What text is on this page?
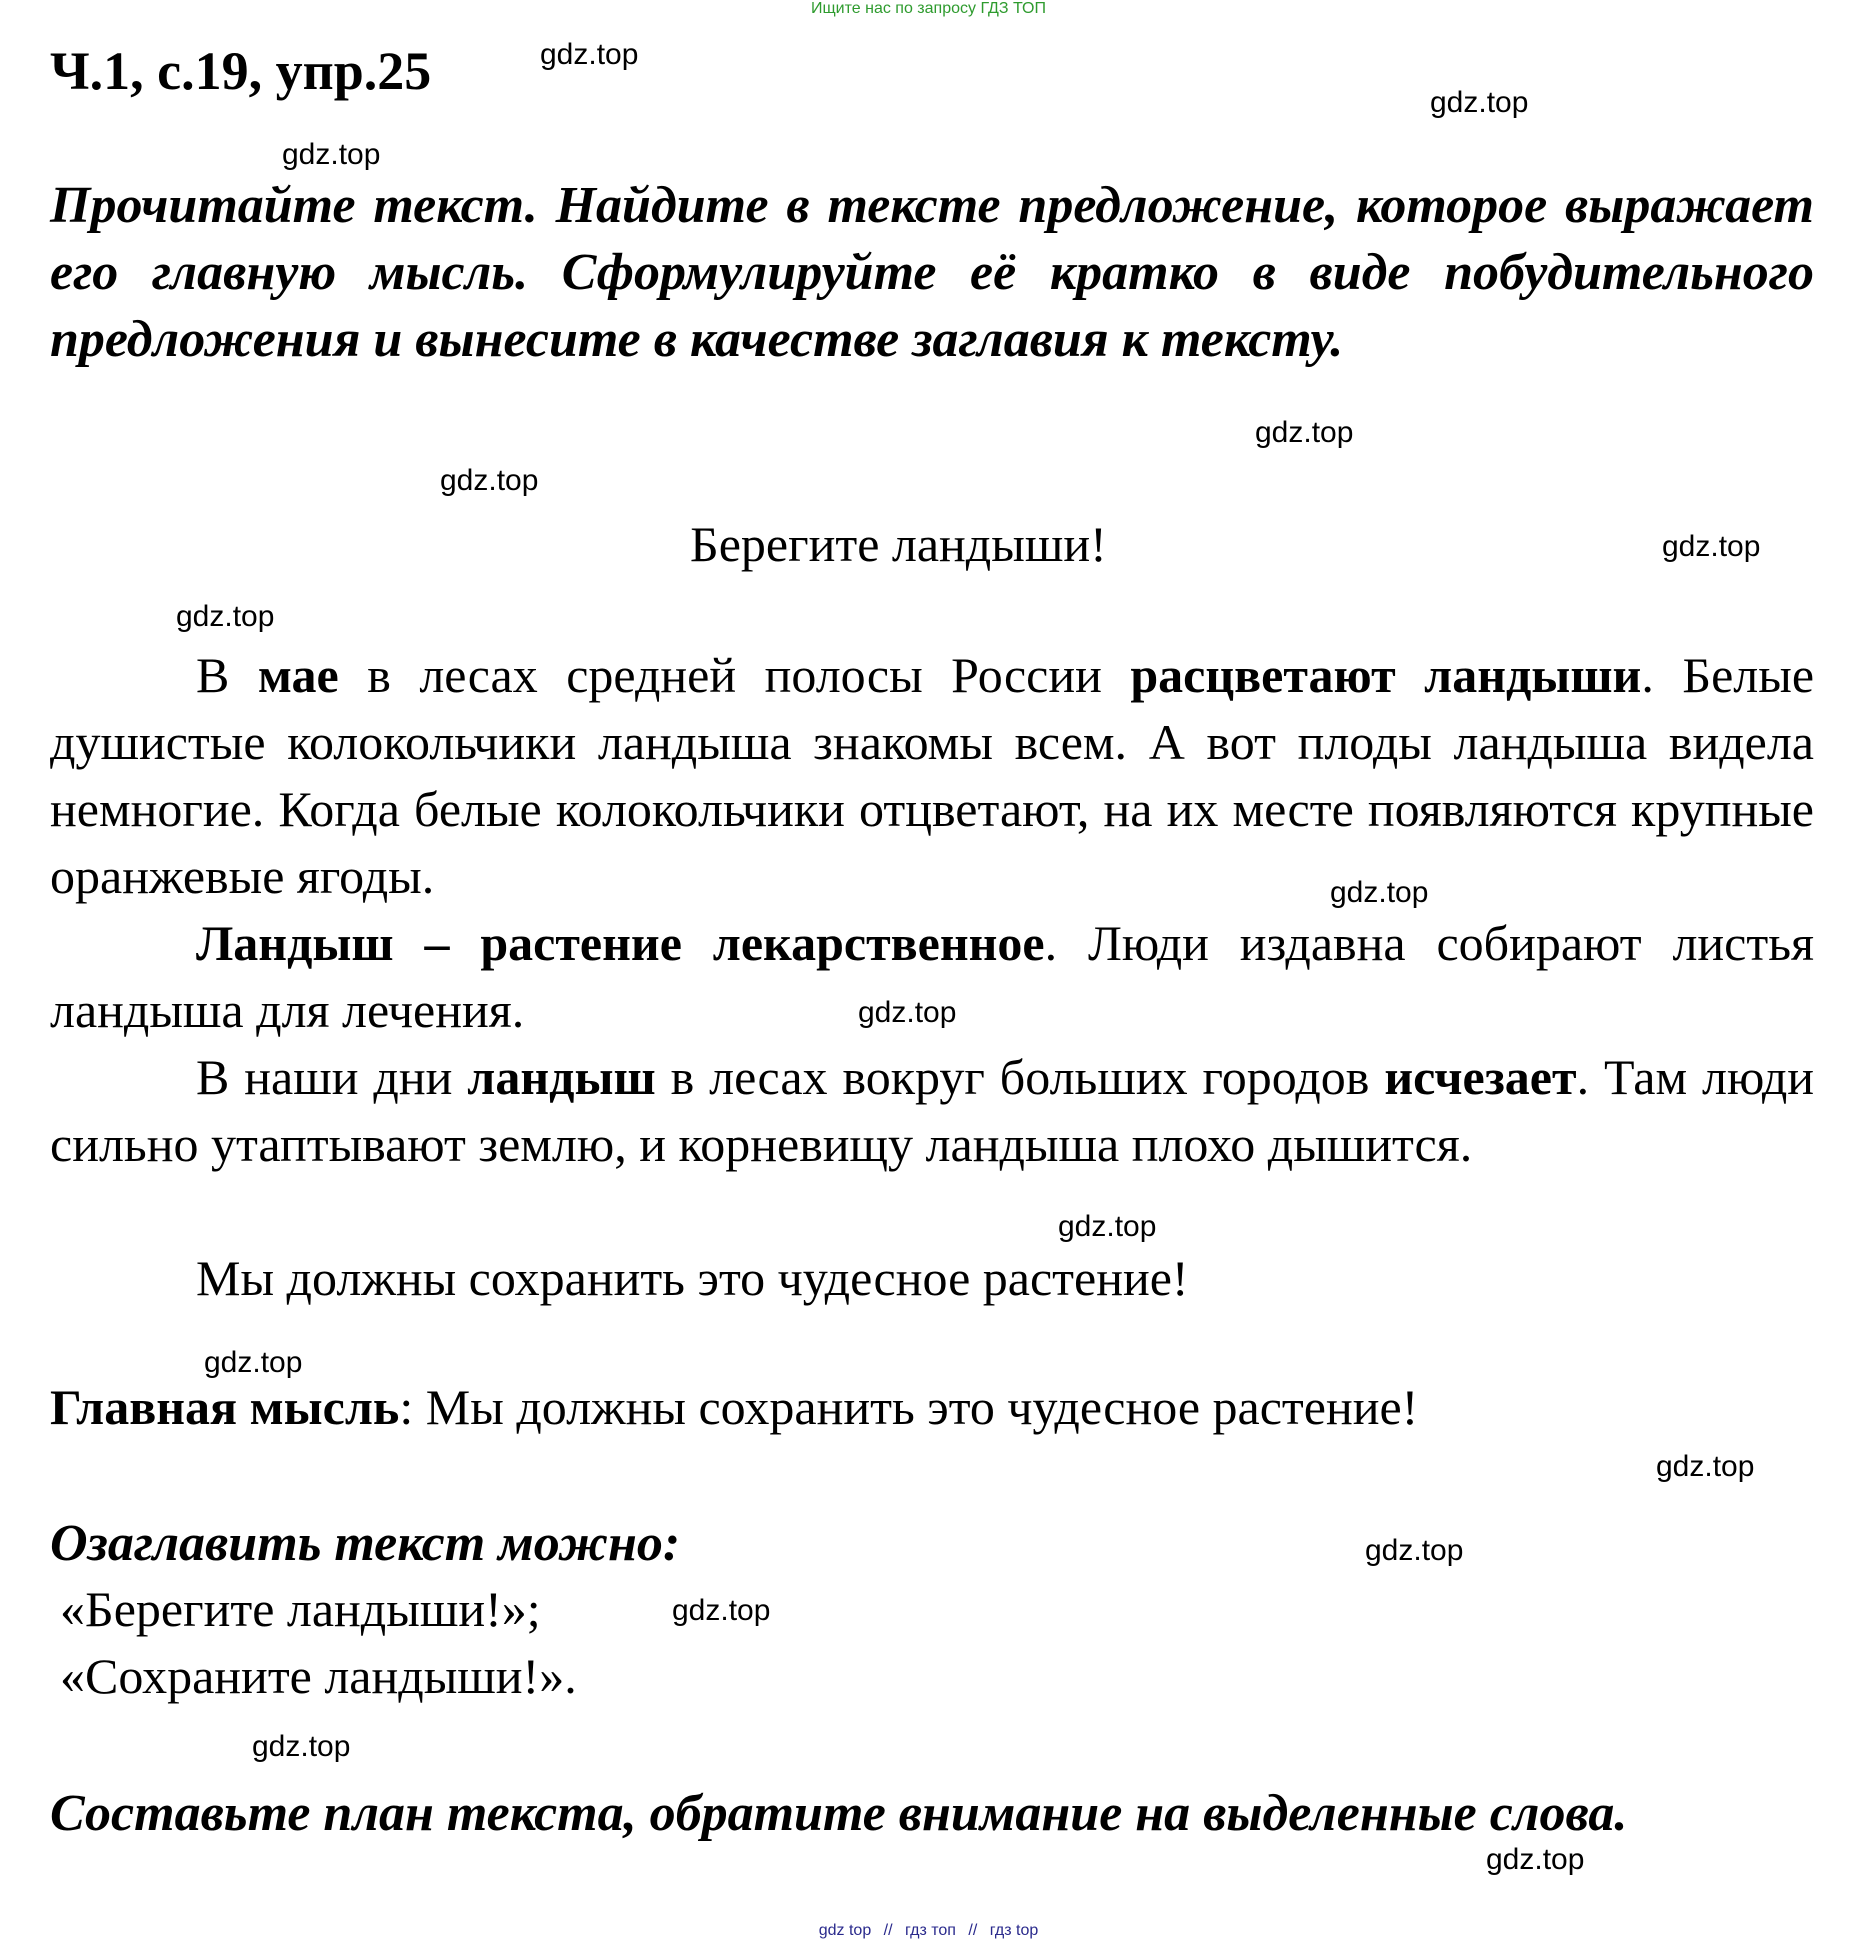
Ищите нас по запросу ГДЗ ТОП
Ч.1, с.19, упр.25	gdz.top
gdz.top
gdz.top

Прочитайте текст. Найдите в тексте предложение, которое выражает его главную мысль. Сформулируйте её кратко в виде побудительного предложения и вынесите в качестве заглавия к тексту.

gdz.top
gdz.top
Берегите ландыши!	gdz.top
gdz.top

В мае в лесах средней полосы России расцветают ландыши. Белые душистые колокольчики ландыша знакомы всем. А вот плоды ландыша видела немногие. Когда белые колокольчики отцветают, на их месте появляются крупные оранжевые ягоды.	gdz.top

Ландыш – растение лекарственное. Люди издавна собирают листья ландыша для лечения.	gdz.top

В наши дни ландыш в лесах вокруг больших городов исчезает. Там люди сильно утаптывают землю, и корневищу ландыша плохо дышится.

gdz.top

Мы должны сохранить это чудесное растение!

gdz.top
Главная мысль: Мы должны сохранить это чудесное растение!
gdz.top
Озаглавить текст можно:	gdz.top
«Берегите ландыши!»;	gdz.top
«Сохраните ландыши!».
gdz.top

Составьте план текста, обратите внимание на выделенные слова.

gdz.top
gdz top // гдз топ // гдз top
